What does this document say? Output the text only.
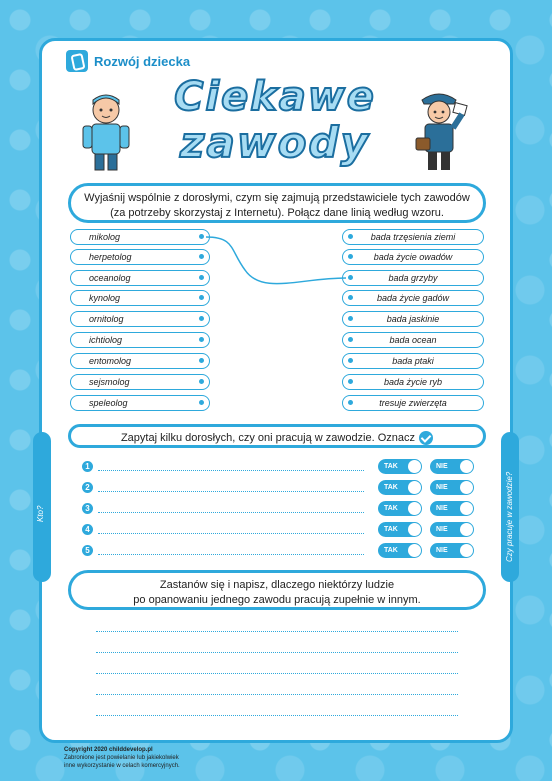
Rozwój dziecka
Ciekawe
zawody
Wyjaśnij wspólnie z dorosłymi, czym się zajmują przedstawiciele tych zawodów
(za potrzeby skorzystaj z Internetu). Połącz dane linią według wzoru.
mikolog
herpetolog
oceanolog
kynolog
ornitolog
ichtiolog
entomolog
sejsmolog
speleolog
bada trzęsienia ziemi
bada życie owadów
bada grzyby
bada życie gadów
bada jaskinie
bada ocean
bada ptaki
bada życie ryb
tresuje zwierzęta
Zapytaj kilku dorosłych, czy oni pracują w zawodzie. Oznacz
1	TAK	NIE
2	TAK	NIE
3	TAK	NIE
4	TAK	NIE
5	TAK	NIE
Zastanów się i napisz, dlaczego niektórzy ludzie
po opanowaniu jednego zawodu pracują zupełnie w innym.
Kto?	Czy pracuje w zawodzie?
Copyright 2020 childdevelop.pl
Zabronione jest powielanie lub jakiekolwiek
inne wykorzystanie w celach komercyjnych.
